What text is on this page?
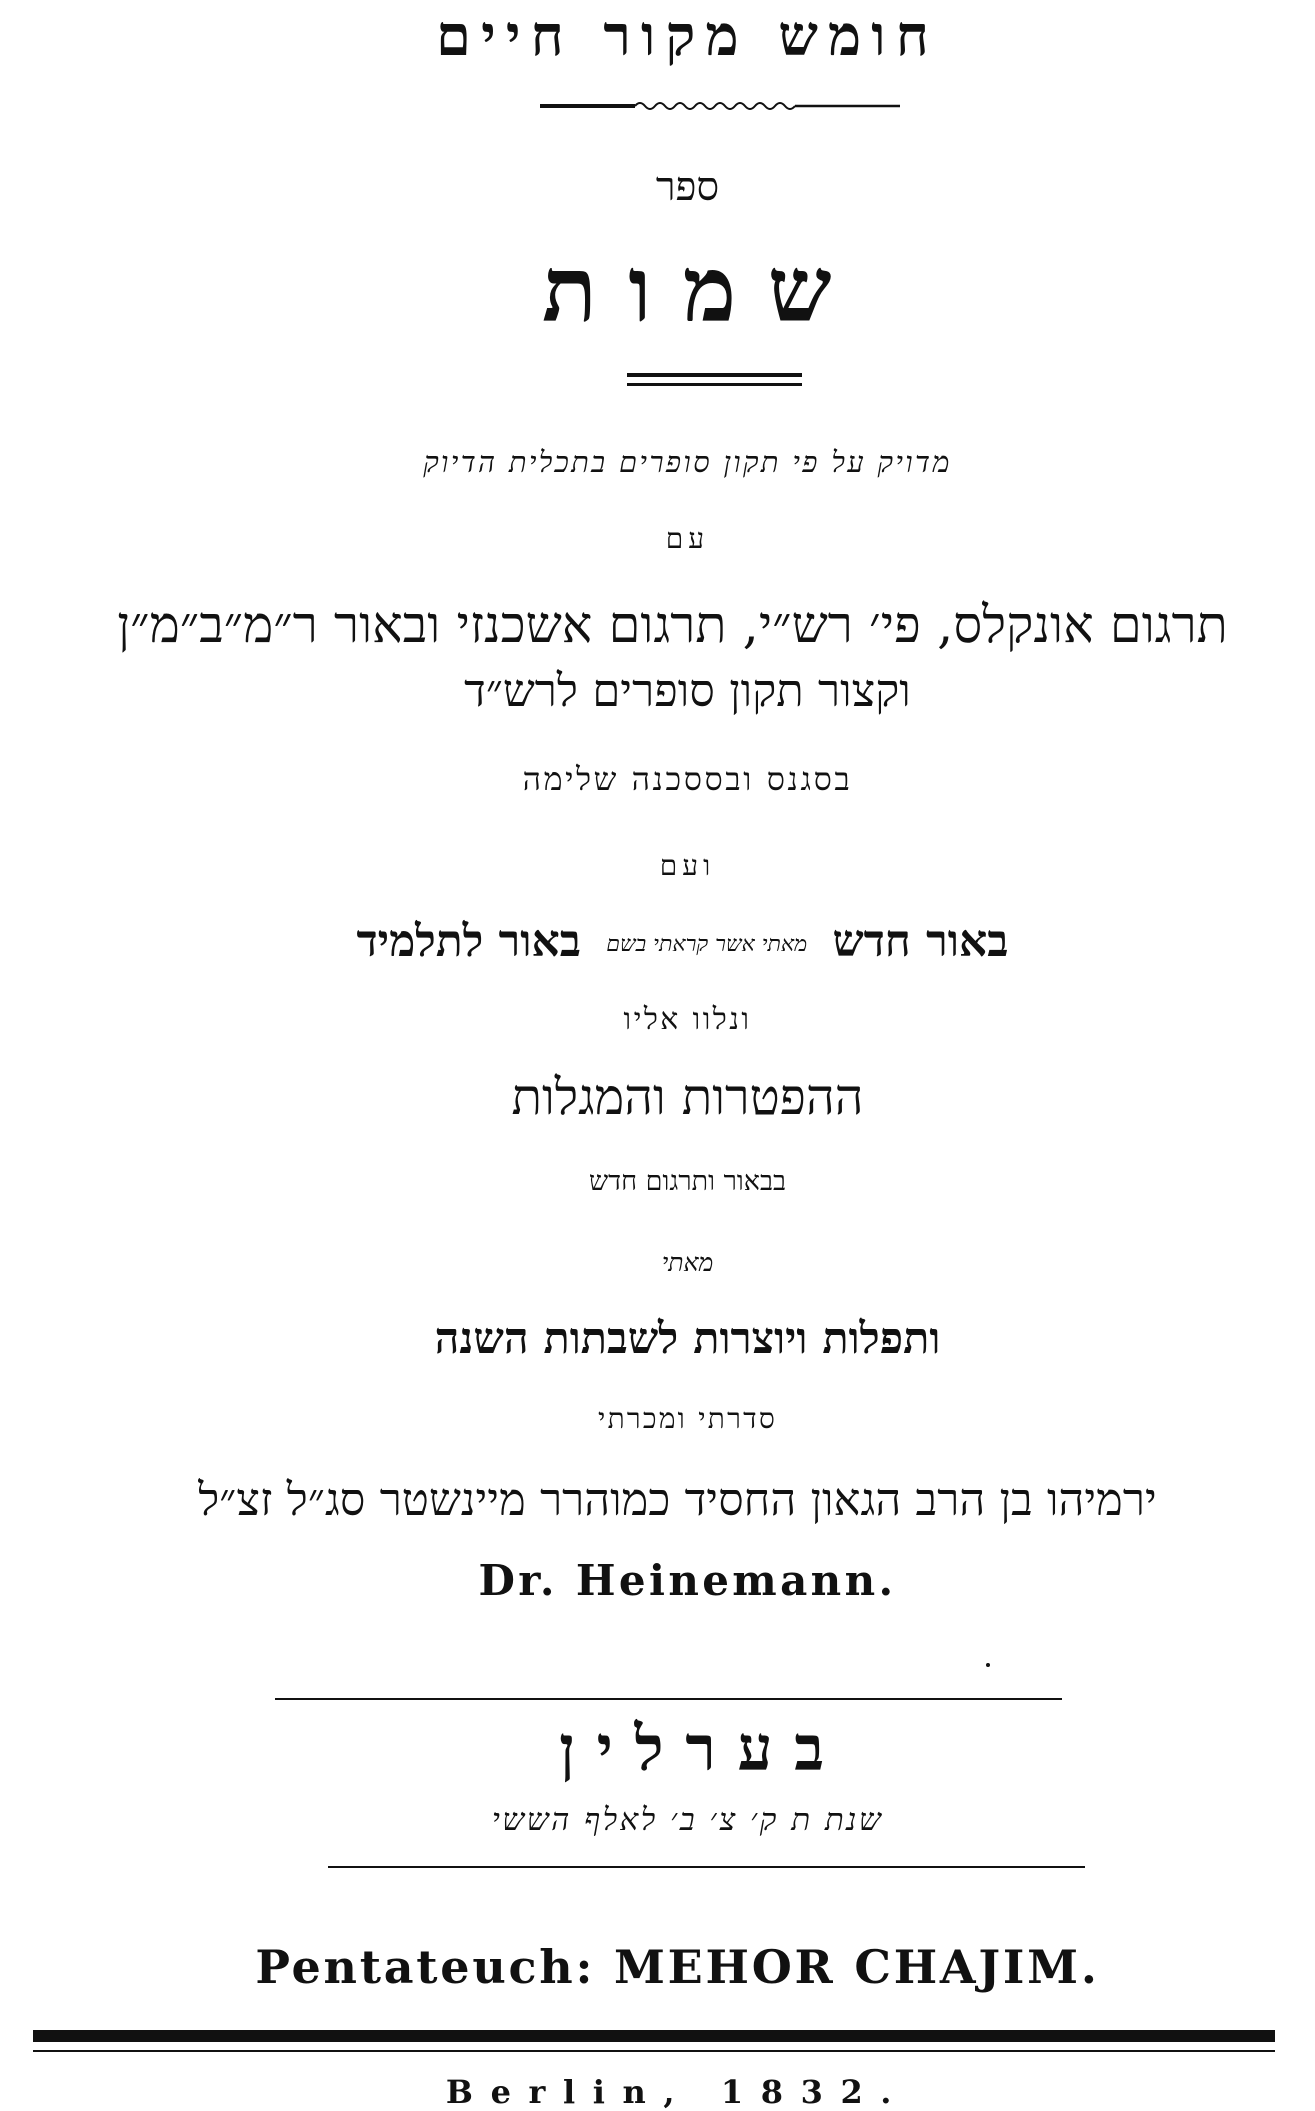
חומש מקור חיים
ספר
שמות
מדויק על פי תקון סופרים בתכלית הדיוק
עם
תרגום אונקלס, פי׳ רש״י, תרגום אשכנזי ובאור ר״מ״ב״מ״ן
וקצור תקון סופרים לרש״ד
בסגנס ובססכנה שלימה
ועם
באור חדש מאתי אשר קראתי בשם באור לתלמיד
ונלוו אליו
ההפטרות והמגלות
בבאור ותרגום חדש
מאתי
ותפלות ויוצרות לשבתות השנה
סדרתי ומכרתי
ירמיהו בן הרב הגאון החסיד כמוהרר מיינשטר סג״ל זצ״ל
Dr. Heinemann.
בערלין
שנת ת ק׳ צ׳ ב׳ לאלף הששי
Pentateuch: MEHOR CHAJIM.
Berlin, 1832.
